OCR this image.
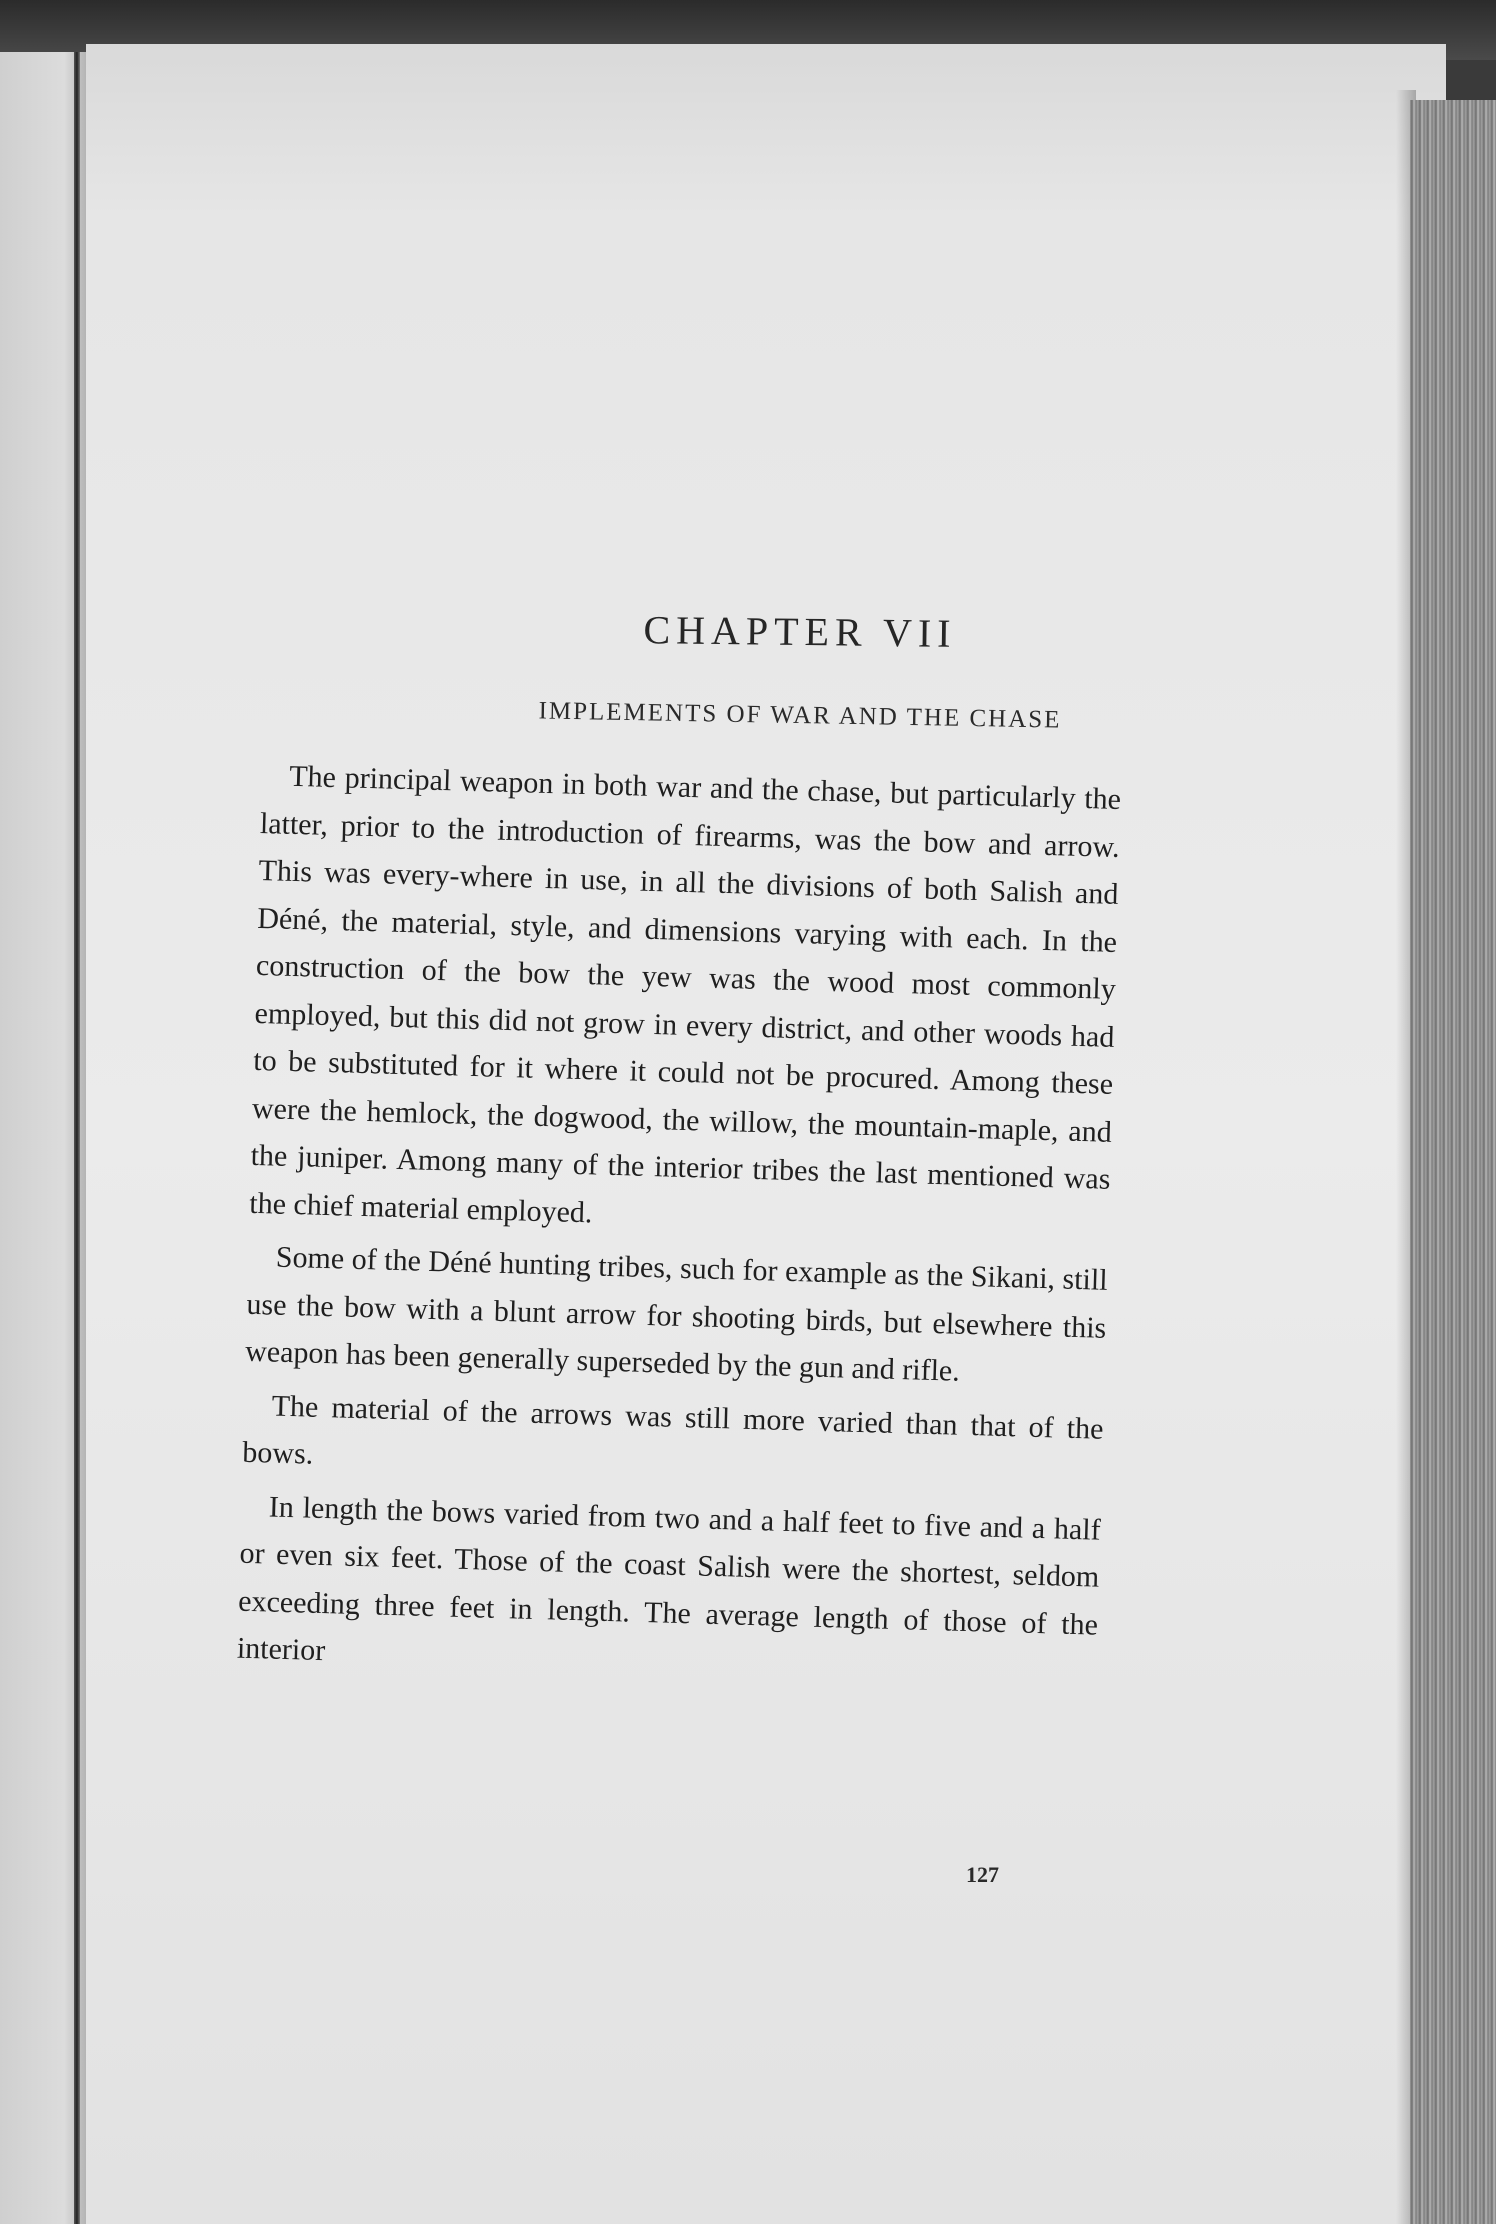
CHAPTER VII
IMPLEMENTS OF WAR AND THE CHASE

The principal weapon in both war and the chase, but particularly the latter, prior to the introduction of firearms, was the bow and arrow. This was every-where in use, in all the divisions of both Salish and Déné, the material, style, and dimensions varying with each. In the construction of the bow the yew was the wood most commonly employed, but this did not grow in every district, and other woods had to be substituted for it where it could not be procured. Among these were the hemlock, the dogwood, the willow, the mountain-maple, and the juniper. Among many of the interior tribes the last mentioned was the chief material employed.

Some of the Déné hunting tribes, such for example as the Sikani, still use the bow with a blunt arrow for shooting birds, but elsewhere this weapon has been generally superseded by the gun and rifle.

The material of the arrows was still more varied than that of the bows.

In length the bows varied from two and a half feet to five and a half or even six feet. Those of the coast Salish were the shortest, seldom exceeding three feet in length. The average length of those of the interior

127
